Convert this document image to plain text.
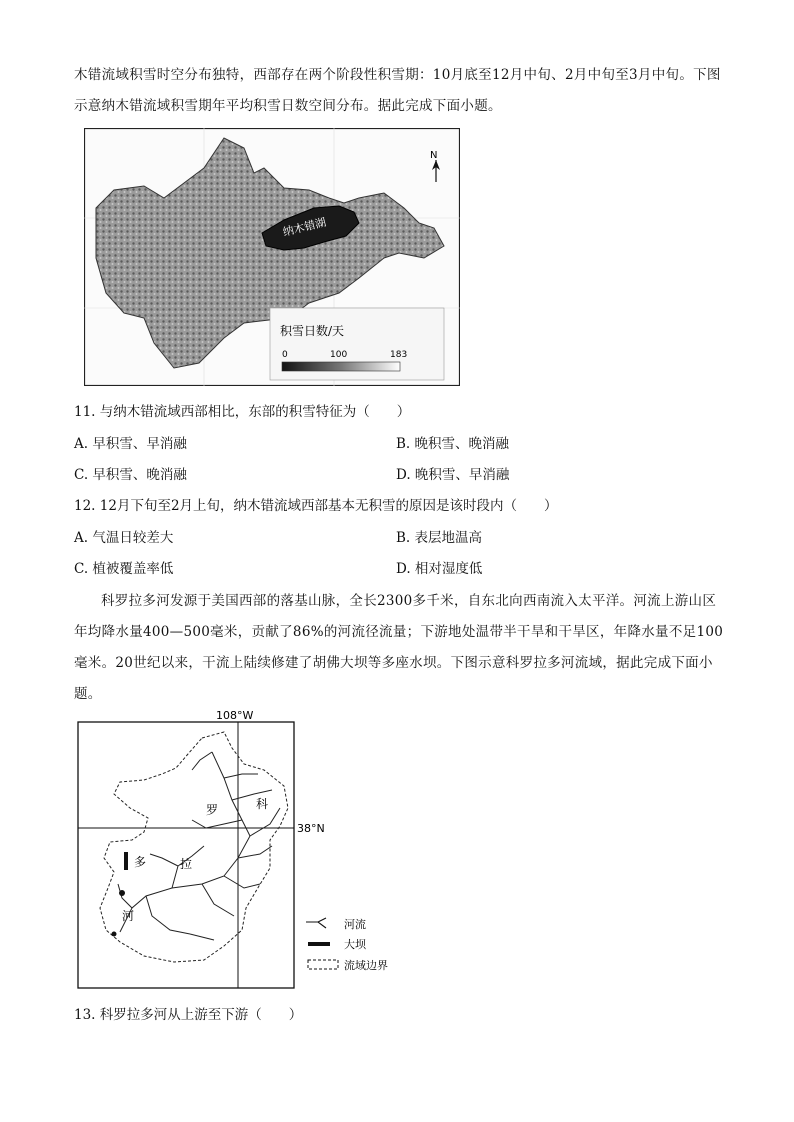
木错流域积雪时空分布独特，西部存在两个阶段性积雪期：10月底至12月中旬、2月中旬至3月中旬。下图 示意纳木错流域积雪期年平均积雪日数空间分布。据此完成下面小题。
纳木错湖
N
积雪日数/天
0	100	183
11. 与纳木错流域西部相比，东部的积雪特征为（　　）
A. 早积雪、早消融	B. 晚积雪、晚消融
C. 早积雪、晚消融	D. 晚积雪、早消融
12. 12月下旬至2月上旬，纳木错流域西部基本无积雪的原因是该时段内（　　）
A. 气温日较差大	B. 表层地温高
C. 植被覆盖率低	D. 相对湿度低
科罗拉多河发源于美国西部的落基山脉，全长2300多千米，自东北向西南流入太平洋。河流上游山区年均降水量400—500毫米，贡献了86%的河流径流量；下游地处温带半干旱和干旱区，年降水量不足100毫米。20世纪以来，干流上陆续修建了胡佛大坝等多座水坝。下图示意科罗拉多河流域，据此完成下面小题。
108°W
38°N
科
罗
拉
多
河
河流
大坝
流域边界
13. 科罗拉多河从上游至下游（　　）
